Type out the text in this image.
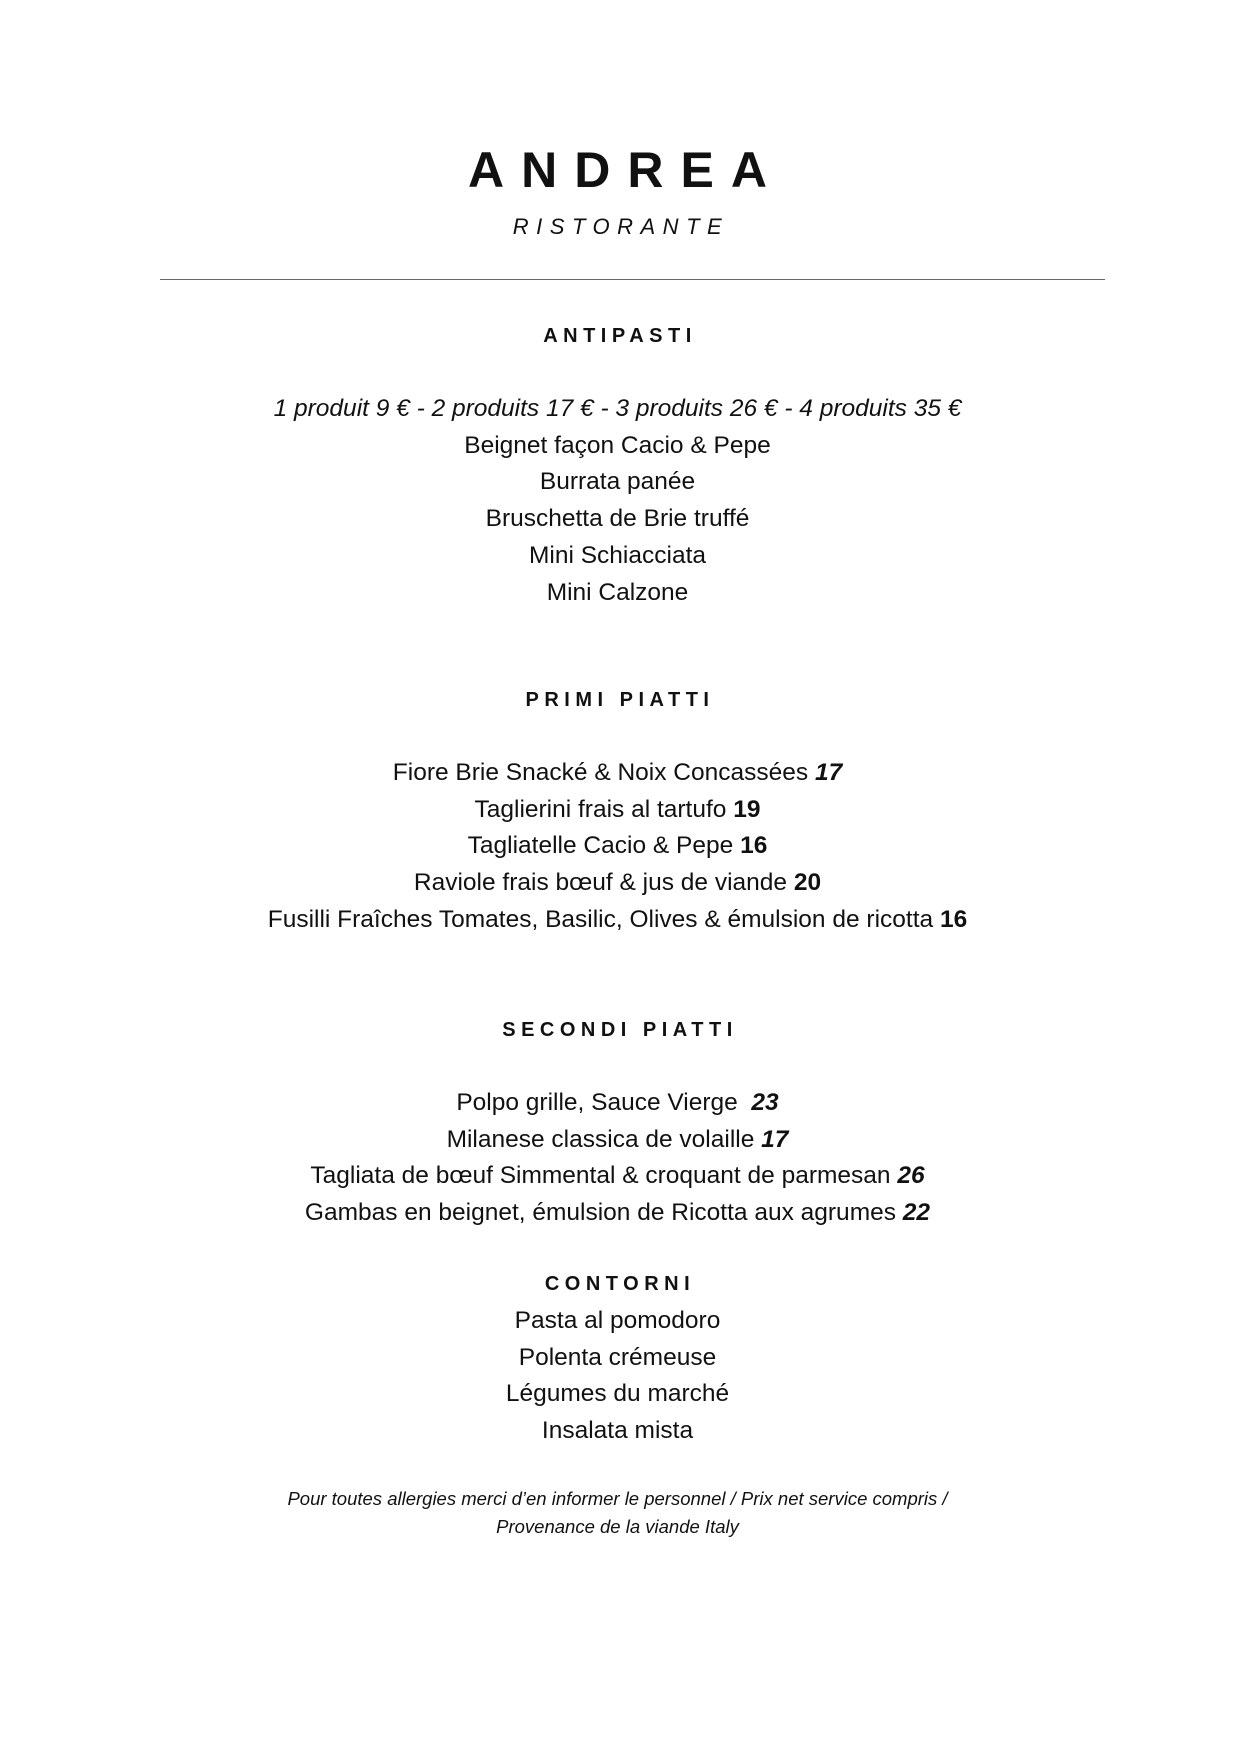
ANDREA
RISTORANTE
ANTIPASTI
1 produit 9 € - 2 produits 17 € - 3 produits 26 € - 4 produits 35 €
Beignet façon Cacio & Pepe
Burrata panée
Bruschetta de Brie truffé
Mini Schiacciata
Mini Calzone
PRIMI PIATTI
Fiore Brie Snacké & Noix Concassées 17
Taglierini frais al tartufo 19
Tagliatelle Cacio & Pepe 16
Raviole frais bœuf & jus de viande 20
Fusilli Fraîches Tomates, Basilic, Olives & émulsion de ricotta 16
SECONDI PIATTI
Polpo grille, Sauce Vierge  23
Milanese classica de volaille 17
Tagliata de bœuf Simmental & croquant de parmesan 26
Gambas en beignet, émulsion de Ricotta aux agrumes 22
CONTORNI
Pasta al pomodoro
Polenta crémeuse
Légumes du marché
Insalata mista
Pour toutes allergies merci d’en informer le personnel / Prix net service compris /
Provenance de la viande Italy
